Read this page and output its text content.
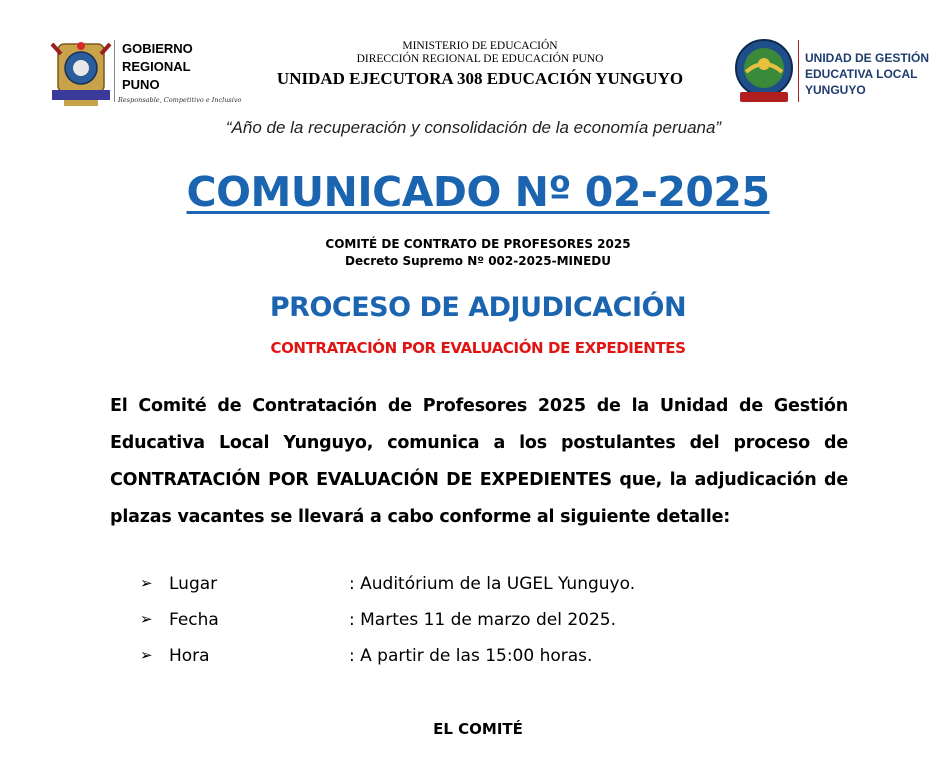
GOBIERNO
REGIONAL
PUNO
Responsable, Competitivo e Inclusivo
MINISTERIO DE EDUCACIÓN
DIRECCIÓN REGIONAL DE EDUCACIÓN PUNO
UNIDAD EJECUTORA 308 EDUCACIÓN YUNGUYO
UNIDAD DE GESTIÓN
EDUCATIVA LOCAL
YUNGUYO
“Año de la recuperación y consolidación de la economía peruana”
COMUNICADO Nº 02-2025
COMITÉ DE CONTRATO DE PROFESORES 2025
Decreto Supremo Nº 002-2025-MINEDU
PROCESO DE ADJUDICACIÓN
CONTRATACIÓN POR EVALUACIÓN DE EXPEDIENTES
El Comité de Contratación de Profesores 2025 de la Unidad de Gestión Educativa Local Yunguyo, comunica a los postulantes del proceso de CONTRATACIÓN POR EVALUACIÓN DE EXPEDIENTES que, la adjudicación de plazas vacantes se llevará a cabo conforme al siguiente detalle:
➢ Lugar	: Auditórium de la UGEL Yunguyo.
➢ Fecha	: Martes 11 de marzo del 2025.
➢ Hora	: A partir de las 15:00 horas.
EL COMITÉ
